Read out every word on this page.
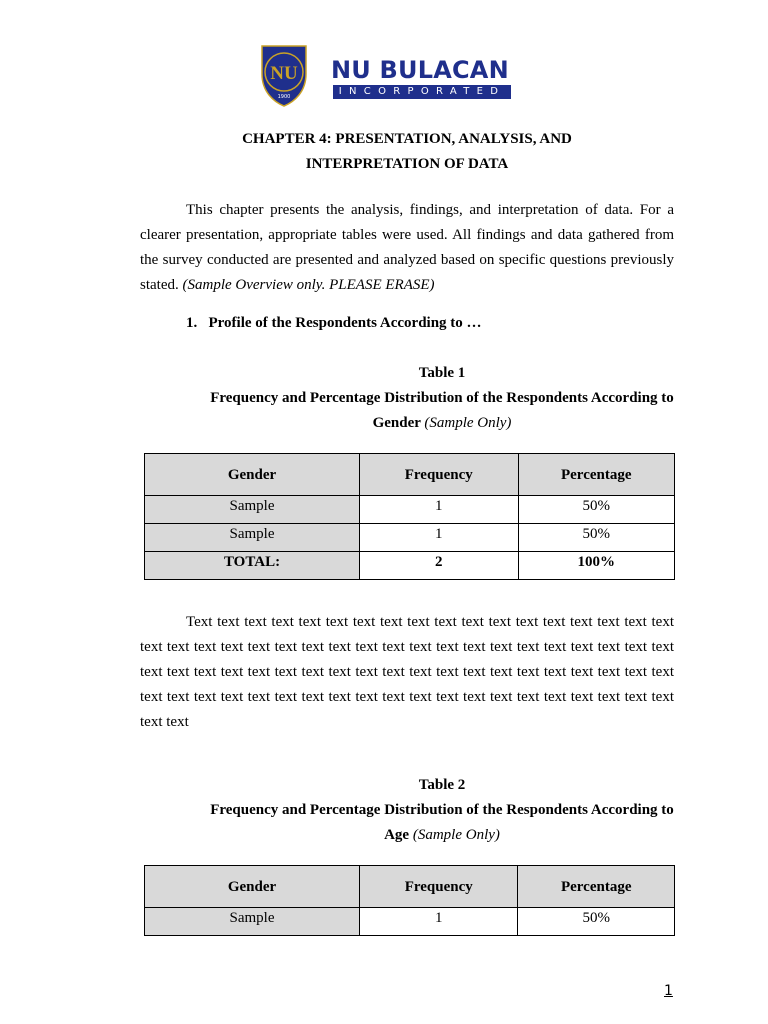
NU
1900
NU BULACAN
INCORPORATED
CHAPTER 4: PRESENTATION, ANALYSIS, AND
INTERPRETATION OF DATA

This chapter presents the analysis, findings, and interpretation of data. For a clearer presentation, appropriate tables were used. All findings and data gathered from the survey conducted are presented and analyzed based on specific questions previously stated. (Sample Overview only. PLEASE ERASE)

1. Profile of the Respondents According to …
Table 1
Frequency and Percentage Distribution of the Respondents According to Gender (Sample Only)
Gender	Frequency	Percentage
Sample	1	50%
Sample	1	50%
TOTAL:	2	100%

Text text text text text text text text text text text text text text text text text text text text text text text text text text text text text text text text text text text text text text text text text text text text text text text text text text text text text text text text text text text text text text text text text text text text text text text text text text text text text text text text

Table 2
Frequency and Percentage Distribution of the Respondents According to Age (Sample Only)
Gender	Frequency	Percentage
Sample	1	50%
1
